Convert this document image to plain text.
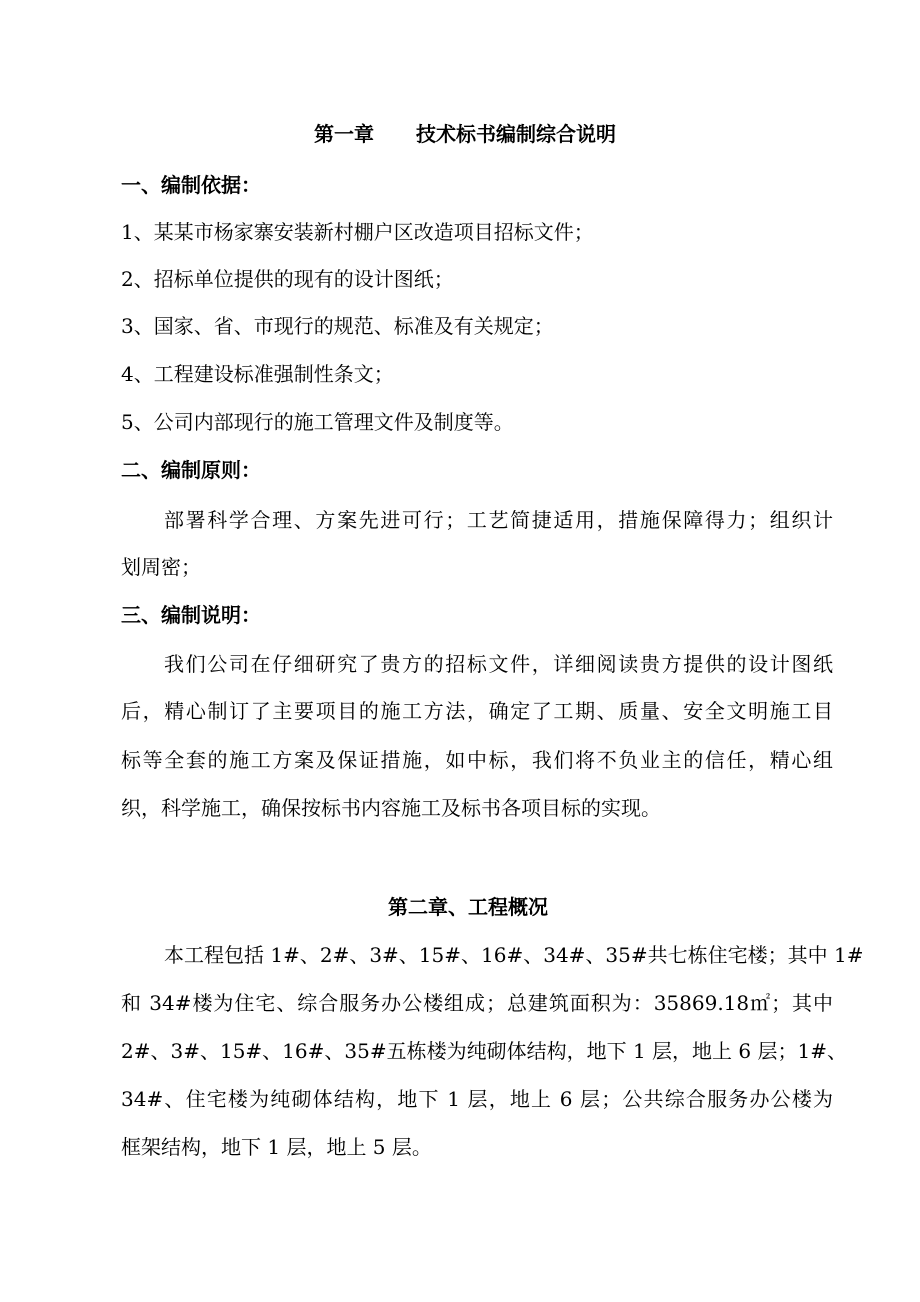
第一章 技术标书编制综合说明
一、编制依据：
1、某某市杨家寨安装新村棚户区改造项目招标文件；
2、招标单位提供的现有的设计图纸；
3、国家、省、市现行的规范、标准及有关规定；
4、工程建设标准强制性条文；
5、公司内部现行的施工管理文件及制度等。
二、编制原则：
部署科学合理、方案先进可行；工艺简捷适用，措施保障得力；组织计
划周密；
三、编制说明：
我们公司在仔细研究了贵方的招标文件，详细阅读贵方提供的设计图纸
后，精心制订了主要项目的施工方法，确定了工期、质量、安全文明施工目
标等全套的施工方案及保证措施，如中标，我们将不负业主的信任，精心组
织，科学施工，确保按标书内容施工及标书各项目标的实现。
第二章、工程概况
本工程包括 1#、2#、3#、15#、16#、34#、35#共七栋住宅楼；其中 1#
和 34#楼为住宅、综合服务办公楼组成；总建筑面积为：35869.18㎡；其中
2#、3#、15#、16#、35#五栋楼为纯砌体结构，地下 1 层，地上 6 层；1#、
34#、住宅楼为纯砌体结构，地下 1 层，地上 6 层；公共综合服务办公楼为
框架结构，地下 1 层，地上 5 层。
